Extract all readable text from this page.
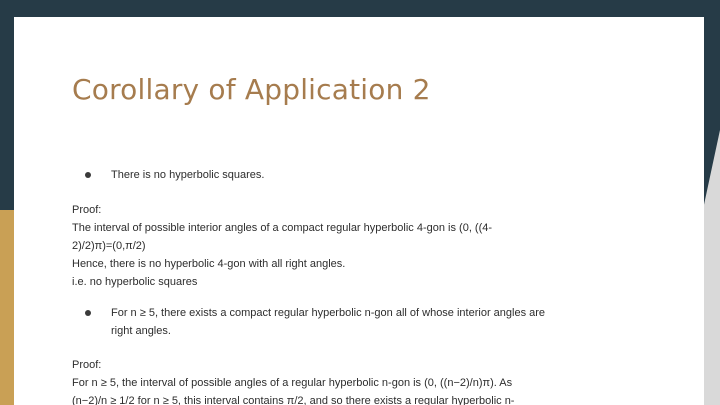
Corollary of Application 2
There is no hyperbolic squares.
Proof:
The interval of possible interior angles of a compact regular hyperbolic 4-gon is (0, ((4-
2)/2)π)=(0,π/2)
Hence, there is no hyperbolic 4-gon with all right angles.
i.e. no hyperbolic squares
For n ≥ 5, there exists a compact regular hyperbolic n-gon all of whose interior angles are
right angles.
Proof:
For n ≥ 5, the interval of possible angles of a regular hyperbolic n-gon is (0, ((n−2)/n)π). As
(n−2)/n ≥ 1/2 for n ≥ 5, this interval contains π/2, and so there exists a regular hyperbolic n-
